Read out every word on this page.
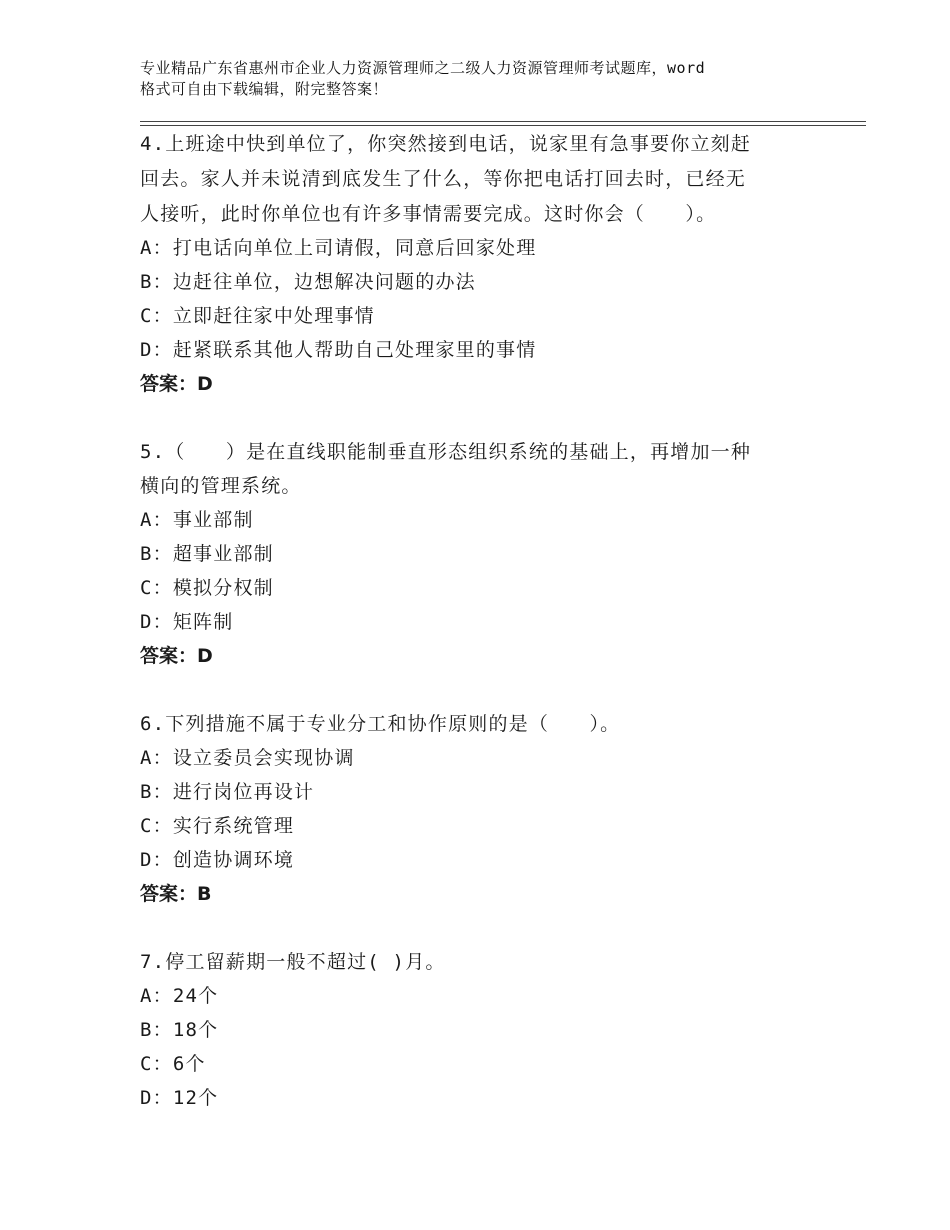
专业精品广东省惠州市企业人力资源管理师之二级人力资源管理师考试题库，word
格式可自由下载编辑，附完整答案！

4.上班途中快到单位了，你突然接到电话，说家里有急事要你立刻赶

回去。家人并未说清到底发生了什么，等你把电话打回去时，已经无

人接听，此时你单位也有许多事情需要完成。这时你会（　　）。

A：打电话向单位上司请假，同意后回家处理

B：边赶往单位，边想解决问题的办法

C：立即赶往家中处理事情

D：赶紧联系其他人帮助自己处理家里的事情

答案：D

5.（　　）是在直线职能制垂直形态组织系统的基础上，再增加一种

横向的管理系统。

A：事业部制

B：超事业部制

C：模拟分权制

D：矩阵制

答案：D

6.下列措施不属于专业分工和协作原则的是（　　）。

A：设立委员会实现协调

B：进行岗位再设计

C：实行系统管理

D：创造协调环境

答案：B

7.停工留薪期一般不超过( )月。

A：24个

B：18个

C：6个

D：12个
